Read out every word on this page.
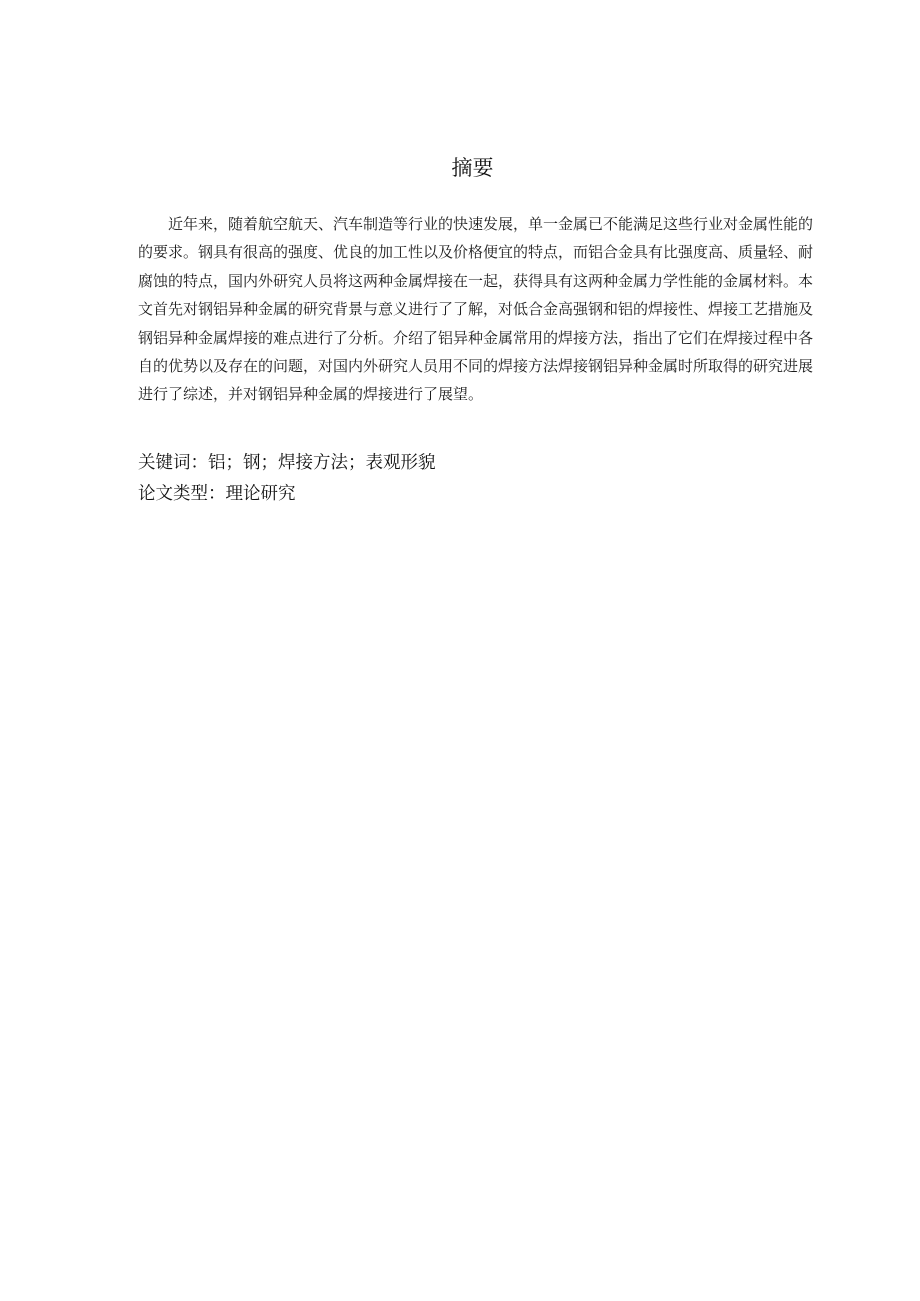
摘要

近年来，随着航空航天、汽车制造等行业的快速发展，单一金属已不能满足这些行业对金属性能的的要求。钢具有很高的强度、优良的加工性以及价格便宜的特点，而铝合金具有比强度高、质量轻、耐腐蚀的特点，国内外研究人员将这两种金属焊接在一起，获得具有这两种金属力学性能的金属材料。本文首先对钢铝异种金属的研究背景与意义进行了了解，对低合金高强钢和铝的焊接性、焊接工艺措施及钢铝异种金属焊接的难点进行了分析。介绍了铝异种金属常用的焊接方法，指出了它们在焊接过程中各自的优势以及存在的问题，对国内外研究人员用不同的焊接方法焊接钢铝异种金属时所取得的研究进展进行了综述，并对钢铝异种金属的焊接进行了展望。

关键词：铝；钢；焊接方法；表观形貌
论文类型：理论研究
